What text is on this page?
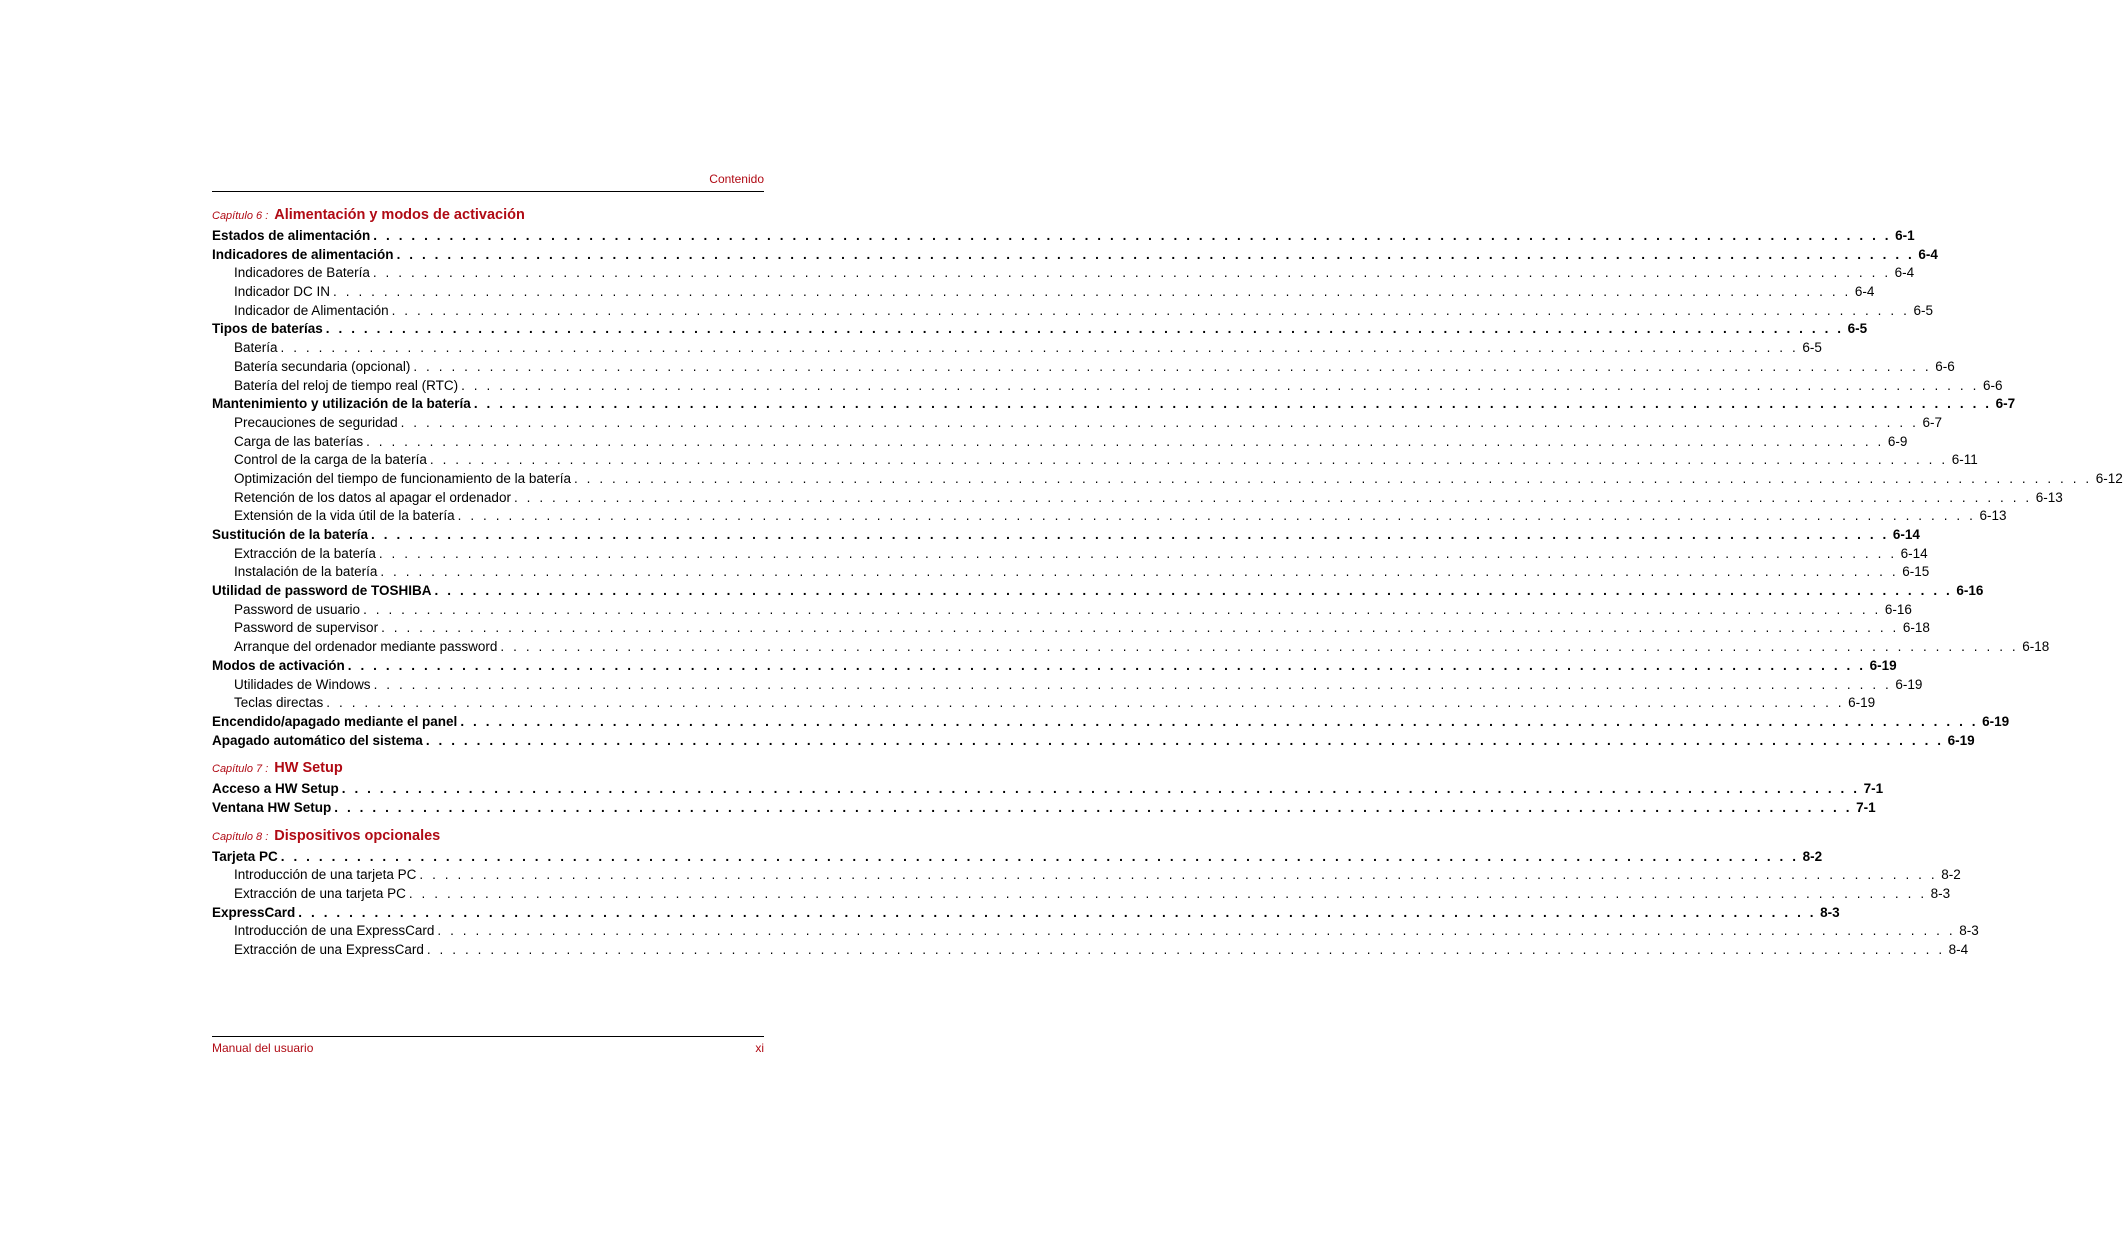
Contenido
Capítulo 6 : Alimentación y modos de activación
Estados de alimentación . . . . . . . . . . . . . . . . . . . . . . . . . . . . . . . . . . . . . . . . . . . . . . . . . . . . . . . . . . . . . . . . . . . . . . . . . . . . . . . . . . . . . . . . . . . . . . . . . . . . . . . . . . . . . . . . . . . . . . . . 6-1
Indicadores de alimentación . . . . . . . . . . . . . . . . . . . . . . . . . . . . . . . . . . . . . . . . . . . . . . . . . . . . . . . . . . . . . . . . . . . . . . . . . . . . . . . . . . . . . . . . . . . . . . . . . . . . . . . . . . . . . . . . . . . . . . . . 6-4
Indicadores de Batería . . . . . . . . . . . . . . . . . . . . . . . . . . . . . . . . . . . . . . . . . . . . . . . . . . . . . . . . . . . . . . . . . . . . . . . . . . . . . . . . . . . . . . . . . . . . . . . . . . . . . . . . . . . . . . . . . . . . . . . . 6-4
Indicador DC IN . . . . . . . . . . . . . . . . . . . . . . . . . . . . . . . . . . . . . . . . . . . . . . . . . . . . . . . . . . . . . . . . . . . . . . . . . . . . . . . . . . . . . . . . . . . . . . . . . . . . . . . . . . . . . . . . . . . . . . . . 6-4
Indicador de Alimentación . . . . . . . . . . . . . . . . . . . . . . . . . . . . . . . . . . . . . . . . . . . . . . . . . . . . . . . . . . . . . . . . . . . . . . . . . . . . . . . . . . . . . . . . . . . . . . . . . . . . . . . . . . . . . . . . . . . . . . . . 6-5
Tipos de baterías . . . . . . . . . . . . . . . . . . . . . . . . . . . . . . . . . . . . . . . . . . . . . . . . . . . . . . . . . . . . . . . . . . . . . . . . . . . . . . . . . . . . . . . . . . . . . . . . . . . . . . . . . . . . . . . . . . . . . . . . 6-5
Batería . . . . . . . . . . . . . . . . . . . . . . . . . . . . . . . . . . . . . . . . . . . . . . . . . . . . . . . . . . . . . . . . . . . . . . . . . . . . . . . . . . . . . . . . . . . . . . . . . . . . . . . . . . . . . . . . . . . . . . . . 6-5
Batería secundaria (opcional) . . . . . . . . . . . . . . . . . . . . . . . . . . . . . . . . . . . . . . . . . . . . . . . . . . . . . . . . . . . . . . . . . . . . . . . . . . . . . . . . . . . . . . . . . . . . . . . . . . . . . . . . . . . . . . . . . . . . . . . . 6-6
Batería del reloj de tiempo real (RTC) . . . . . . . . . . . . . . . . . . . . . . . . . . . . . . . . . . . . . . . . . . . . . . . . . . . . . . . . . . . . . . . . . . . . . . . . . . . . . . . . . . . . . . . . . . . . . . . . . . . . . . . . . . . . . . . . . . . . . . . . 6-6
Mantenimiento y utilización de la batería . . . . . . . . . . . . . . . . . . . . . . . . . . . . . . . . . . . . . . . . . . . . . . . . . . . . . . . . . . . . . . . . . . . . . . . . . . . . . . . . . . . . . . . . . . . . . . . . . . . . . . . . . . . . . . . . . . . . . . . . 6-7
Precauciones de seguridad . . . . . . . . . . . . . . . . . . . . . . . . . . . . . . . . . . . . . . . . . . . . . . . . . . . . . . . . . . . . . . . . . . . . . . . . . . . . . . . . . . . . . . . . . . . . . . . . . . . . . . . . . . . . . . . . . . . . . . . . 6-7
Carga de las baterías . . . . . . . . . . . . . . . . . . . . . . . . . . . . . . . . . . . . . . . . . . . . . . . . . . . . . . . . . . . . . . . . . . . . . . . . . . . . . . . . . . . . . . . . . . . . . . . . . . . . . . . . . . . . . . . . . . . . . . . . 6-9
Control de la carga de la batería . . . . . . . . . . . . . . . . . . . . . . . . . . . . . . . . . . . . . . . . . . . . . . . . . . . . . . . . . . . . . . . . . . . . . . . . . . . . . . . . . . . . . . . . . . . . . . . . . . . . . . . . . . . . . . . . . . . . . . . . 6-11
Optimización del tiempo de funcionamiento de la batería . . . . . . . . . . . . . . . . . . . . . . . . . . . . . . . . . . . . . . . . . . . . . . . . . . . . . . . . . . . . . . . . . . . . . . . . . . . . . . . . . . . . . . . . . . . . . . . . . . . . . . . . . . . . . . . . . . . . . . . . 6-12
Retención de los datos al apagar el ordenador . . . . . . . . . . . . . . . . . . . . . . . . . . . . . . . . . . . . . . . . . . . . . . . . . . . . . . . . . . . . . . . . . . . . . . . . . . . . . . . . . . . . . . . . . . . . . . . . . . . . . . . . . . . . . . . . . . . . . . . . 6-13
Extensión de la vida útil de la batería . . . . . . . . . . . . . . . . . . . . . . . . . . . . . . . . . . . . . . . . . . . . . . . . . . . . . . . . . . . . . . . . . . . . . . . . . . . . . . . . . . . . . . . . . . . . . . . . . . . . . . . . . . . . . . . . . . . . . . . . 6-13
Sustitución de la batería . . . . . . . . . . . . . . . . . . . . . . . . . . . . . . . . . . . . . . . . . . . . . . . . . . . . . . . . . . . . . . . . . . . . . . . . . . . . . . . . . . . . . . . . . . . . . . . . . . . . . . . . . . . . . . . . . . . . . . . . 6-14
Extracción de la batería . . . . . . . . . . . . . . . . . . . . . . . . . . . . . . . . . . . . . . . . . . . . . . . . . . . . . . . . . . . . . . . . . . . . . . . . . . . . . . . . . . . . . . . . . . . . . . . . . . . . . . . . . . . . . . . . . . . . . . . . 6-14
Instalación de la batería . . . . . . . . . . . . . . . . . . . . . . . . . . . . . . . . . . . . . . . . . . . . . . . . . . . . . . . . . . . . . . . . . . . . . . . . . . . . . . . . . . . . . . . . . . . . . . . . . . . . . . . . . . . . . . . . . . . . . . . . 6-15
Utilidad de password de TOSHIBA . . . . . . . . . . . . . . . . . . . . . . . . . . . . . . . . . . . . . . . . . . . . . . . . . . . . . . . . . . . . . . . . . . . . . . . . . . . . . . . . . . . . . . . . . . . . . . . . . . . . . . . . . . . . . . . . . . . . . . . . 6-16
Password de usuario . . . . . . . . . . . . . . . . . . . . . . . . . . . . . . . . . . . . . . . . . . . . . . . . . . . . . . . . . . . . . . . . . . . . . . . . . . . . . . . . . . . . . . . . . . . . . . . . . . . . . . . . . . . . . . . . . . . . . . . . 6-16
Password de supervisor . . . . . . . . . . . . . . . . . . . . . . . . . . . . . . . . . . . . . . . . . . . . . . . . . . . . . . . . . . . . . . . . . . . . . . . . . . . . . . . . . . . . . . . . . . . . . . . . . . . . . . . . . . . . . . . . . . . . . . . . 6-18
Arranque del ordenador mediante password . . . . . . . . . . . . . . . . . . . . . . . . . . . . . . . . . . . . . . . . . . . . . . . . . . . . . . . . . . . . . . . . . . . . . . . . . . . . . . . . . . . . . . . . . . . . . . . . . . . . . . . . . . . . . . . . . . . . . . . . 6-18
Modos de activación . . . . . . . . . . . . . . . . . . . . . . . . . . . . . . . . . . . . . . . . . . . . . . . . . . . . . . . . . . . . . . . . . . . . . . . . . . . . . . . . . . . . . . . . . . . . . . . . . . . . . . . . . . . . . . . . . . . . . . . . 6-19
Utilidades de Windows . . . . . . . . . . . . . . . . . . . . . . . . . . . . . . . . . . . . . . . . . . . . . . . . . . . . . . . . . . . . . . . . . . . . . . . . . . . . . . . . . . . . . . . . . . . . . . . . . . . . . . . . . . . . . . . . . . . . . . . . 6-19
Teclas directas . . . . . . . . . . . . . . . . . . . . . . . . . . . . . . . . . . . . . . . . . . . . . . . . . . . . . . . . . . . . . . . . . . . . . . . . . . . . . . . . . . . . . . . . . . . . . . . . . . . . . . . . . . . . . . . . . . . . . . . . 6-19
Encendido/apagado mediante el panel . . . . . . . . . . . . . . . . . . . . . . . . . . . . . . . . . . . . . . . . . . . . . . . . . . . . . . . . . . . . . . . . . . . . . . . . . . . . . . . . . . . . . . . . . . . . . . . . . . . . . . . . . . . . . . . . . . . . . . . . 6-19
Apagado automático del sistema . . . . . . . . . . . . . . . . . . . . . . . . . . . . . . . . . . . . . . . . . . . . . . . . . . . . . . . . . . . . . . . . . . . . . . . . . . . . . . . . . . . . . . . . . . . . . . . . . . . . . . . . . . . . . . . . . . . . . . . . 6-19
Capítulo 7 : HW Setup
Acceso a HW Setup . . . . . . . . . . . . . . . . . . . . . . . . . . . . . . . . . . . . . . . . . . . . . . . . . . . . . . . . . . . . . . . . . . . . . . . . . . . . . . . . . . . . . . . . . . . . . . . . . . . . . . . . . . . . . . . . . . . . . . . . 7-1
Ventana HW Setup . . . . . . . . . . . . . . . . . . . . . . . . . . . . . . . . . . . . . . . . . . . . . . . . . . . . . . . . . . . . . . . . . . . . . . . . . . . . . . . . . . . . . . . . . . . . . . . . . . . . . . . . . . . . . . . . . . . . . . . . 7-1
Capítulo 8 : Dispositivos opcionales
Tarjeta PC . . . . . . . . . . . . . . . . . . . . . . . . . . . . . . . . . . . . . . . . . . . . . . . . . . . . . . . . . . . . . . . . . . . . . . . . . . . . . . . . . . . . . . . . . . . . . . . . . . . . . . . . . . . . . . . . . . . . . . . . 8-2
Introducción de una tarjeta PC . . . . . . . . . . . . . . . . . . . . . . . . . . . . . . . . . . . . . . . . . . . . . . . . . . . . . . . . . . . . . . . . . . . . . . . . . . . . . . . . . . . . . . . . . . . . . . . . . . . . . . . . . . . . . . . . . . . . . . . . 8-2
Extracción de una tarjeta PC . . . . . . . . . . . . . . . . . . . . . . . . . . . . . . . . . . . . . . . . . . . . . . . . . . . . . . . . . . . . . . . . . . . . . . . . . . . . . . . . . . . . . . . . . . . . . . . . . . . . . . . . . . . . . . . . . . . . . . . . 8-3
ExpressCard . . . . . . . . . . . . . . . . . . . . . . . . . . . . . . . . . . . . . . . . . . . . . . . . . . . . . . . . . . . . . . . . . . . . . . . . . . . . . . . . . . . . . . . . . . . . . . . . . . . . . . . . . . . . . . . . . . . . . . . . 8-3
Introducción de una ExpressCard . . . . . . . . . . . . . . . . . . . . . . . . . . . . . . . . . . . . . . . . . . . . . . . . . . . . . . . . . . . . . . . . . . . . . . . . . . . . . . . . . . . . . . . . . . . . . . . . . . . . . . . . . . . . . . . . . . . . . . . . 8-3
Extracción de una ExpressCard . . . . . . . . . . . . . . . . . . . . . . . . . . . . . . . . . . . . . . . . . . . . . . . . . . . . . . . . . . . . . . . . . . . . . . . . . . . . . . . . . . . . . . . . . . . . . . . . . . . . . . . . . . . . . . . . . . . . . . . . 8-4
Manual del usuario	xi
